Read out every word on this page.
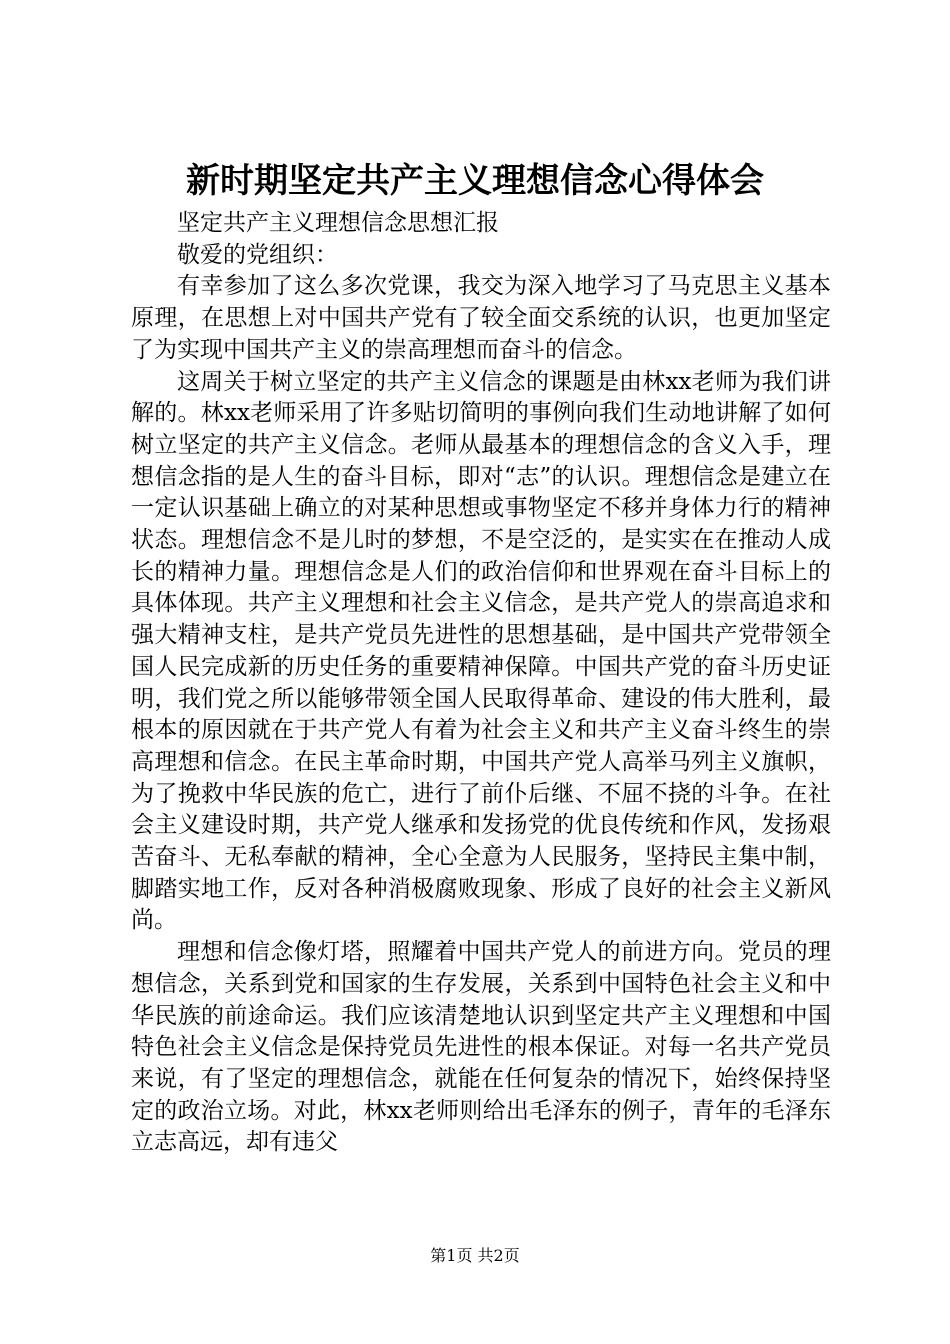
新时期坚定共产主义理想信念心得体会

坚定共产主义理想信念思想汇报

敬爱的党组织：

有幸参加了这么多次党课，我交为深入地学习了马克思主义基本原理，在思想上对中国共产党有了较全面交系统的认识，也更加坚定了为实现中国共产主义的崇高理想而奋斗的信念。

这周关于树立坚定的共产主义信念的课题是由林xx老师为我们讲解的。林xx老师采用了许多贴切简明的事例向我们生动地讲解了如何树立坚定的共产主义信念。老师从最基本的理想信念的含义入手，理想信念指的是人生的奋斗目标，即对“志”的认识。理想信念是建立在一定认识基础上确立的对某种思想或事物坚定不移并身体力行的精神状态。理想信念不是儿时的梦想，不是空泛的，是实实在在推动人成长的精神力量。理想信念是人们的政治信仰和世界观在奋斗目标上的具体体现。共产主义理想和社会主义信念，是共产党人的崇高追求和强大精神支柱，是共产党员先进性的思想基础，是中国共产党带领全国人民完成新的历史任务的重要精神保障。中国共产党的奋斗历史证明，我们党之所以能够带领全国人民取得革命、建设的伟大胜利，最根本的原因就在于共产党人有着为社会主义和共产主义奋斗终生的崇高理想和信念。在民主革命时期，中国共产党人高举马列主义旗帜，为了挽救中华民族的危亡，进行了前仆后继、不屈不挠的斗争。在社会主义建设时期，共产党人继承和发扬党的优良传统和作风，发扬艰苦奋斗、无私奉献的精神，全心全意为人民服务，坚持民主集中制，脚踏实地工作，反对各种消极腐败现象、形成了良好的社会主义新风尚。

理想和信念像灯塔，照耀着中国共产党人的前进方向。党员的理想信念，关系到党和国家的生存发展，关系到中国特色社会主义和中华民族的前途命运。我们应该清楚地认识到坚定共产主义理想和中国特色社会主义信念是保持党员先进性的根本保证。对每一名共产党员来说，有了坚定的理想信念，就能在任何复杂的情况下，始终保持坚定的政治立场。对此，林xx老师则给出毛泽东的例子，青年的毛泽东立志高远，却有违父

第1页 共2页
